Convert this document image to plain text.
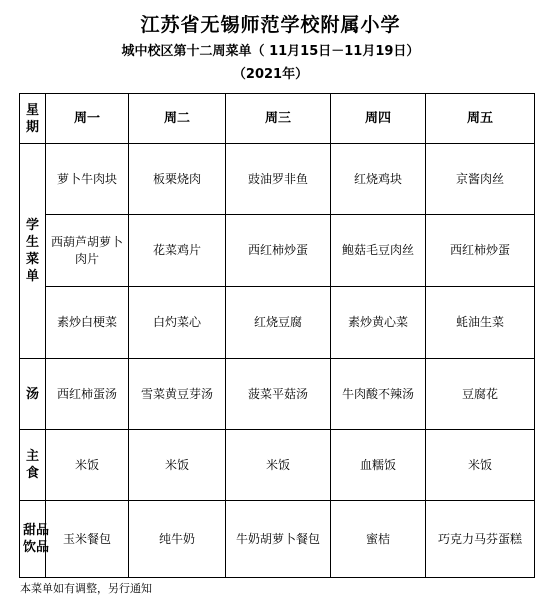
江苏省无锡师范学校附属小学
城中校区第十二周菜单（ 11月15日－11月19日）
（2021年）
星期	周一	周二	周三	周四	周五

学生菜单	萝卜牛肉块	板栗烧肉	豉油罗非鱼	红烧鸡块	京酱肉丝
	西葫芦胡萝卜肉片	花菜鸡片	西红柿炒蛋	鲍菇毛豆肉丝	西红柿炒蛋
	素炒白梗菜	白灼菜心	红烧豆腐	素炒黄心菜	蚝油生菜
汤	西红柿蛋汤	雪菜黄豆芽汤	菠菜平菇汤	牛肉酸不辣汤	豆腐花

主食	米饭	米饭	米饭	血糯饭	米饭

甜品饮品	玉米餐包	纯牛奶	牛奶胡萝卜餐包	蜜桔	巧克力马芬蛋糕
本菜单如有调整，另行通知
